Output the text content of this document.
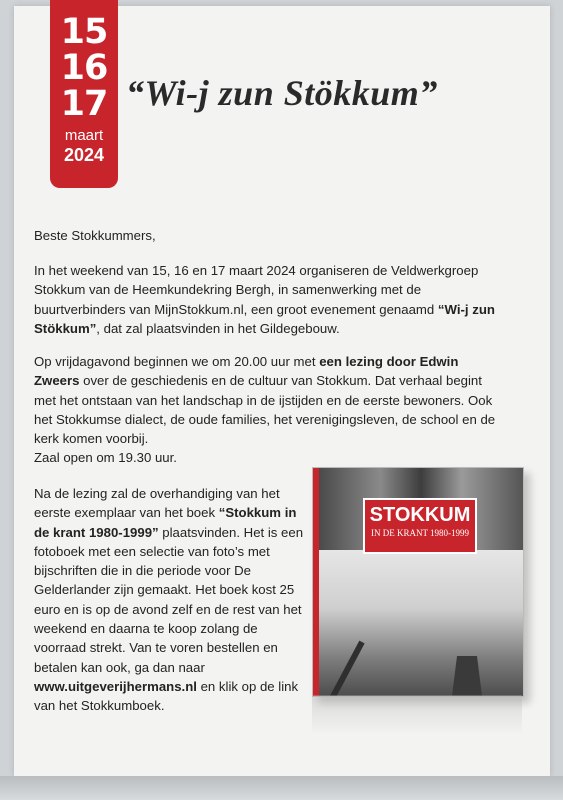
15
16
17
maart
2024
“Wi-j zun Stökkum”

Beste Stokkummers,

In het weekend van 15, 16 en 17 maart 2024 organiseren de Veldwerkgroep Stokkum van de Heemkundekring Bergh, in samenwerking met de buurtverbinders van MijnStokkum.nl, een groot evenement genaamd “Wi-j zun Stökkum”, dat zal plaatsvinden in het Gildegebouw.

Op vrijdagavond beginnen we om 20.00 uur met een lezing door Edwin Zweers over de geschiedenis en de cultuur van Stokkum. Dat verhaal begint met het ontstaan van het landschap in de ijstijden en de eerste bewoners. Ook het Stokkumse dialect, de oude families, het verenigingsleven, de school en de kerk komen voorbij.

Zaal open om 19.30 uur.

Na de lezing zal de overhandiging van het eerste exemplaar van het boek “Stokkum in de krant 1980-1999” plaatsvinden. Het is een fotoboek met een selectie van foto’s met bijschriften die in die periode voor De Gelderlander zijn gemaakt. Het boek kost 25 euro en is op de avond zelf en de rest van het weekend en daarna te koop zolang de voorraad strekt. Van te voren bestellen en betalen kan ook, ga dan naar www.uitgeverijhermans.nl en klik op de link van het Stokkumboek.

STOKKUM
IN DE KRANT 1980-1999
